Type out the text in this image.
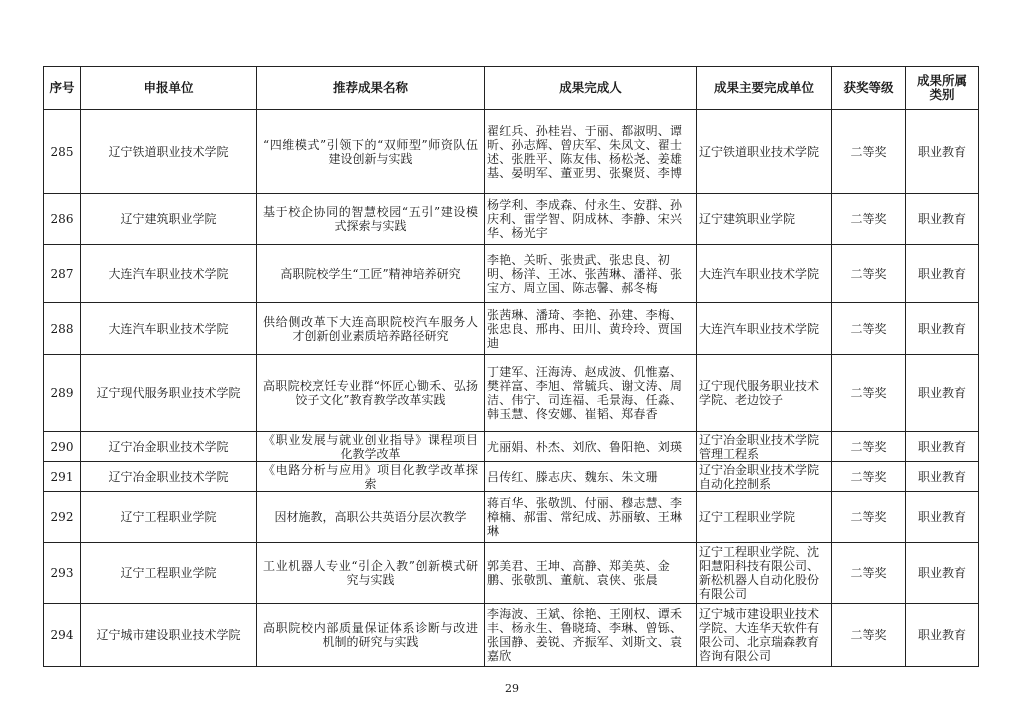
序号	申报单位	推荐成果名称	成果完成人	成果主要完成单位	获奖等级	成果所属
类别

285	辽宁铁道职业技术学院	“四维模式”引领下的“双师型”师资队伍建设创新与实践	翟红兵、孙桂岩、于丽、都淑明、谭昕、孙志辉、曾庆军、朱凤文、翟士述、张胜平、陈友伟、杨松尧、姜雄基、晏明军、董亚男、张聚贤、李博	辽宁铁道职业技术学院	二等奖	职业教育

286	辽宁建筑职业学院	基于校企协同的智慧校园“五引”建设模式探索与实践	杨学利、李成森、付永生、安群、孙庆利、雷学智、阴成林、李静、宋兴华、杨光宇	辽宁建筑职业学院	二等奖	职业教育

287	大连汽车职业技术学院	高职院校学生“工匠”精神培养研究	李艳、关昕、张贵武、张忠良、初明、杨洋、王冰、张茜琳、潘祥、张宝方、周立国、陈志馨、郝冬梅	大连汽车职业技术学院	二等奖	职业教育

288	大连汽车职业技术学院	供给侧改革下大连高职院校汽车服务人才创新创业素质培养路径研究	张茜琳、潘琦、李艳、孙建、李梅、张忠良、邢冉、田川、黄玲玲、贾国迪	大连汽车职业技术学院	二等奖	职业教育

289	辽宁现代服务职业技术学院	高职院校烹饪专业群“怀匠心锄禾、弘扬饺子文化”教育教学改革实践	丁建军、汪海涛、赵成波、仉惟嘉、樊祥富、李旭、常毓兵、谢文涛、周洁、伟宁、司连福、毛景海、任淼、韩玉慧、佟安娜、崔韬、郑春香	辽宁现代服务职业技术学院、老边饺子	二等奖	职业教育

290	辽宁冶金职业技术学院	《职业发展与就业创业指导》课程项目化教学改革	尤丽娟、朴杰、刘欣、鲁阳艳、刘瑛	辽宁冶金职业技术学院管理工程系	二等奖	职业教育

291	辽宁冶金职业技术学院	《电路分析与应用》项目化教学改革探索	吕传红、滕志庆、魏东、朱文珊	辽宁冶金职业技术学院自动化控制系	二等奖	职业教育

292	辽宁工程职业学院	因材施教，高职公共英语分层次教学	蒋百华、张敬凯、付丽、穆志慧、李樟楠、郝雷、常纪成、苏丽敏、王琳琳	辽宁工程职业学院	二等奖	职业教育

293	辽宁工程职业学院	工业机器人专业“引企入教”创新模式研究与实践	郭美君、王坤、高静、郑美英、金鹏、张敬凯、董航、袁侠、张晨	辽宁工程职业学院、沈阳慧阳科技有限公司、新松机器人自动化股份有限公司	二等奖	职业教育

294	辽宁城市建设职业技术学院	高职院校内部质量保证体系诊断与改进机制的研究与实践	李海波、王斌、徐艳、王刚权、谭禾丰、杨永生、鲁晓琦、李琳、曾铄、张国静、姜锐、齐振军、刘斯文、袁嘉欣	辽宁城市建设职业技术学院、大连华天软件有限公司、北京瑞森教育咨询有限公司	二等奖	职业教育
29
